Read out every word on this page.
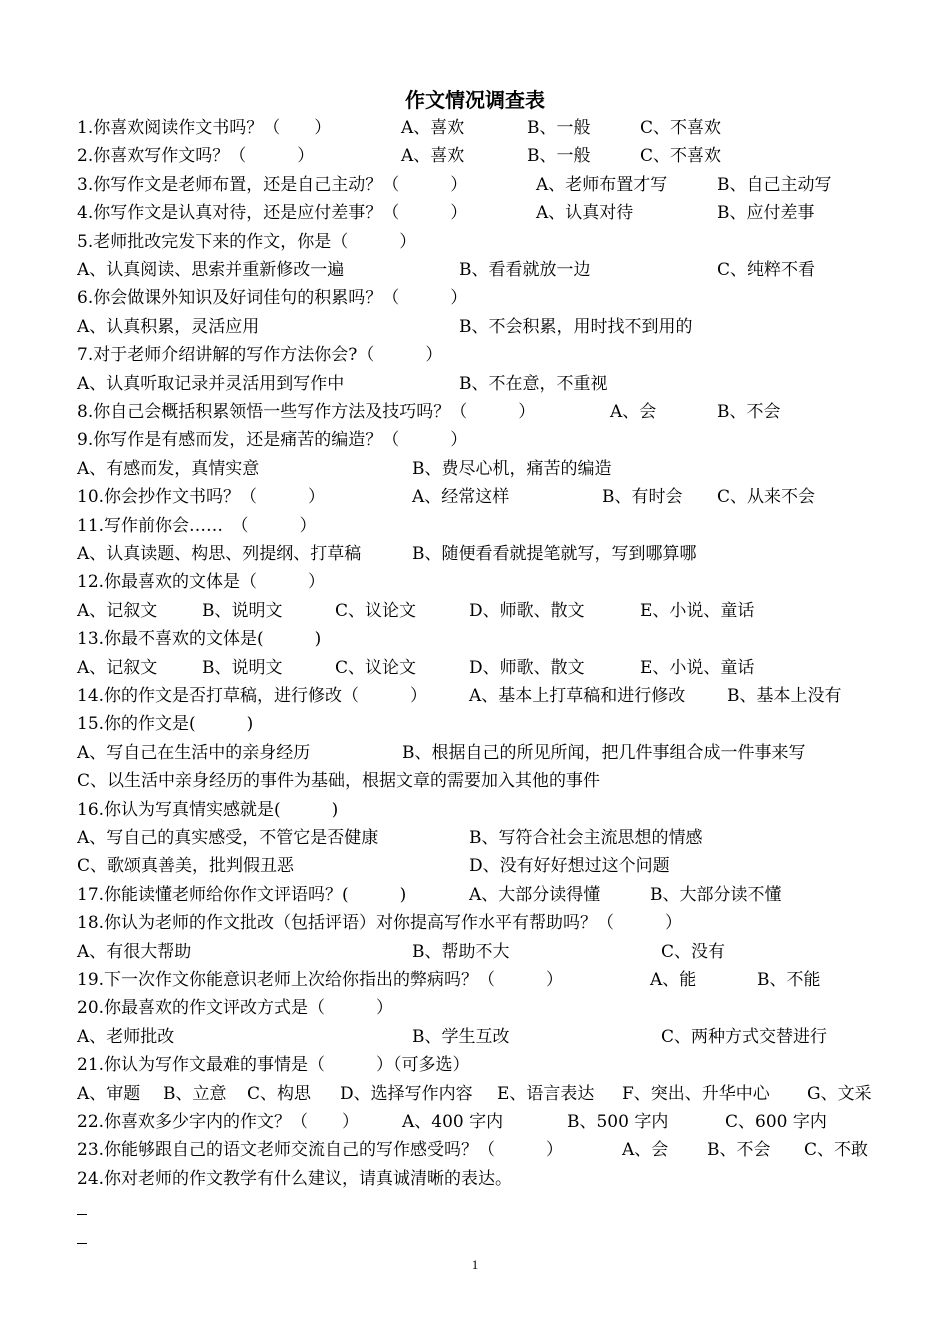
作文情况调查表
1.你喜欢阅读作文书吗？（　　）	A、喜欢	B、一般	C、不喜欢
2.你喜欢写作文吗？（　　　）	A、喜欢	B、一般	C、不喜欢
3.你写作文是老师布置，还是自己主动？（　　　）	A、老师布置才写	B、自己主动写
4.你写作文是认真对待，还是应付差事？（　　　）	A、认真对待	B、应付差事
5.老师批改完发下来的作文，你是（　　　）
A、认真阅读、思索并重新修改一遍	B、看看就放一边	C、纯粹不看
6.你会做课外知识及好词佳句的积累吗？（　　　）
A、认真积累，灵活应用	B、不会积累，用时找不到用的
7.对于老师介绍讲解的写作方法你会?（　　　）
A、认真听取记录并灵活用到写作中	B、不在意，不重视
8.你自己会概括积累领悟一些写作方法及技巧吗？（　　　）	A、会	B、不会
9.你写作是有感而发，还是痛苦的编造？（　　　）
A、有感而发，真情实意	B、费尽心机，痛苦的编造
10.你会抄作文书吗？（　　　）	A、经常这样	B、有时会 C、从来不会
11.写作前你会……　（　　　）
A、认真读题、构思、列提纲、打草稿	B、随便看看就提笔就写，写到哪算哪
12.你最喜欢的文体是（　　　）
A、记叙文	B、说明文	C、议论文	D、师歌、散文	E、小说、童话
13.你最不喜欢的文体是(　　　)
A、记叙文	B、说明文	C、议论文	D、师歌、散文	E、小说、童话
14.你的作文是否打草稿，进行修改（　　　） A、基本上打草稿和进行修改 B、基本上没有
15.你的作文是(　　　)
A、写自己在生活中的亲身经历	B、根据自己的所见所闻，把几件事组合成一件事来写
C、以生活中亲身经历的事件为基础，根据文章的需要加入其他的事件
16.你认为写真情实感就是(　　　)
A、写自己的真实感受，不管它是否健康	B、写符合社会主流思想的情感
C、歌颂真善美，批判假丑恶	D、没有好好想过这个问题
17.你能读懂老师给你作文评语吗？(　　　)	A、大部分读得懂	B、大部分读不懂
18.你认为老师的作文批改（包括评语）对你提高写作水平有帮助吗？（　　　）
A、有很大帮助	B、帮助不大	C、没有
19.下一次作文你能意识老师上次给你指出的弊病吗？（　　　）	A、能	B、不能
20.你最喜欢的作文评改方式是（　　　）
A、老师批改	B、学生互改	C、两种方式交替进行
21.你认为写作文最难的事情是（　　　）（可多选）
A、审题 B、立意 C、构思 D、选择写作内容 E、语言表达 F、突出、升华中心 G、文采
22.你喜欢多少字内的作文？（　　）	A、400 字内	B、500 字内	C、600 字内
23.你能够跟自己的语文老师交流自己的写作感受吗？（　　　）	A、会 B、不会 C、不敢
24.你对老师的作文教学有什么建议，请真诚清晰的表达。
1
